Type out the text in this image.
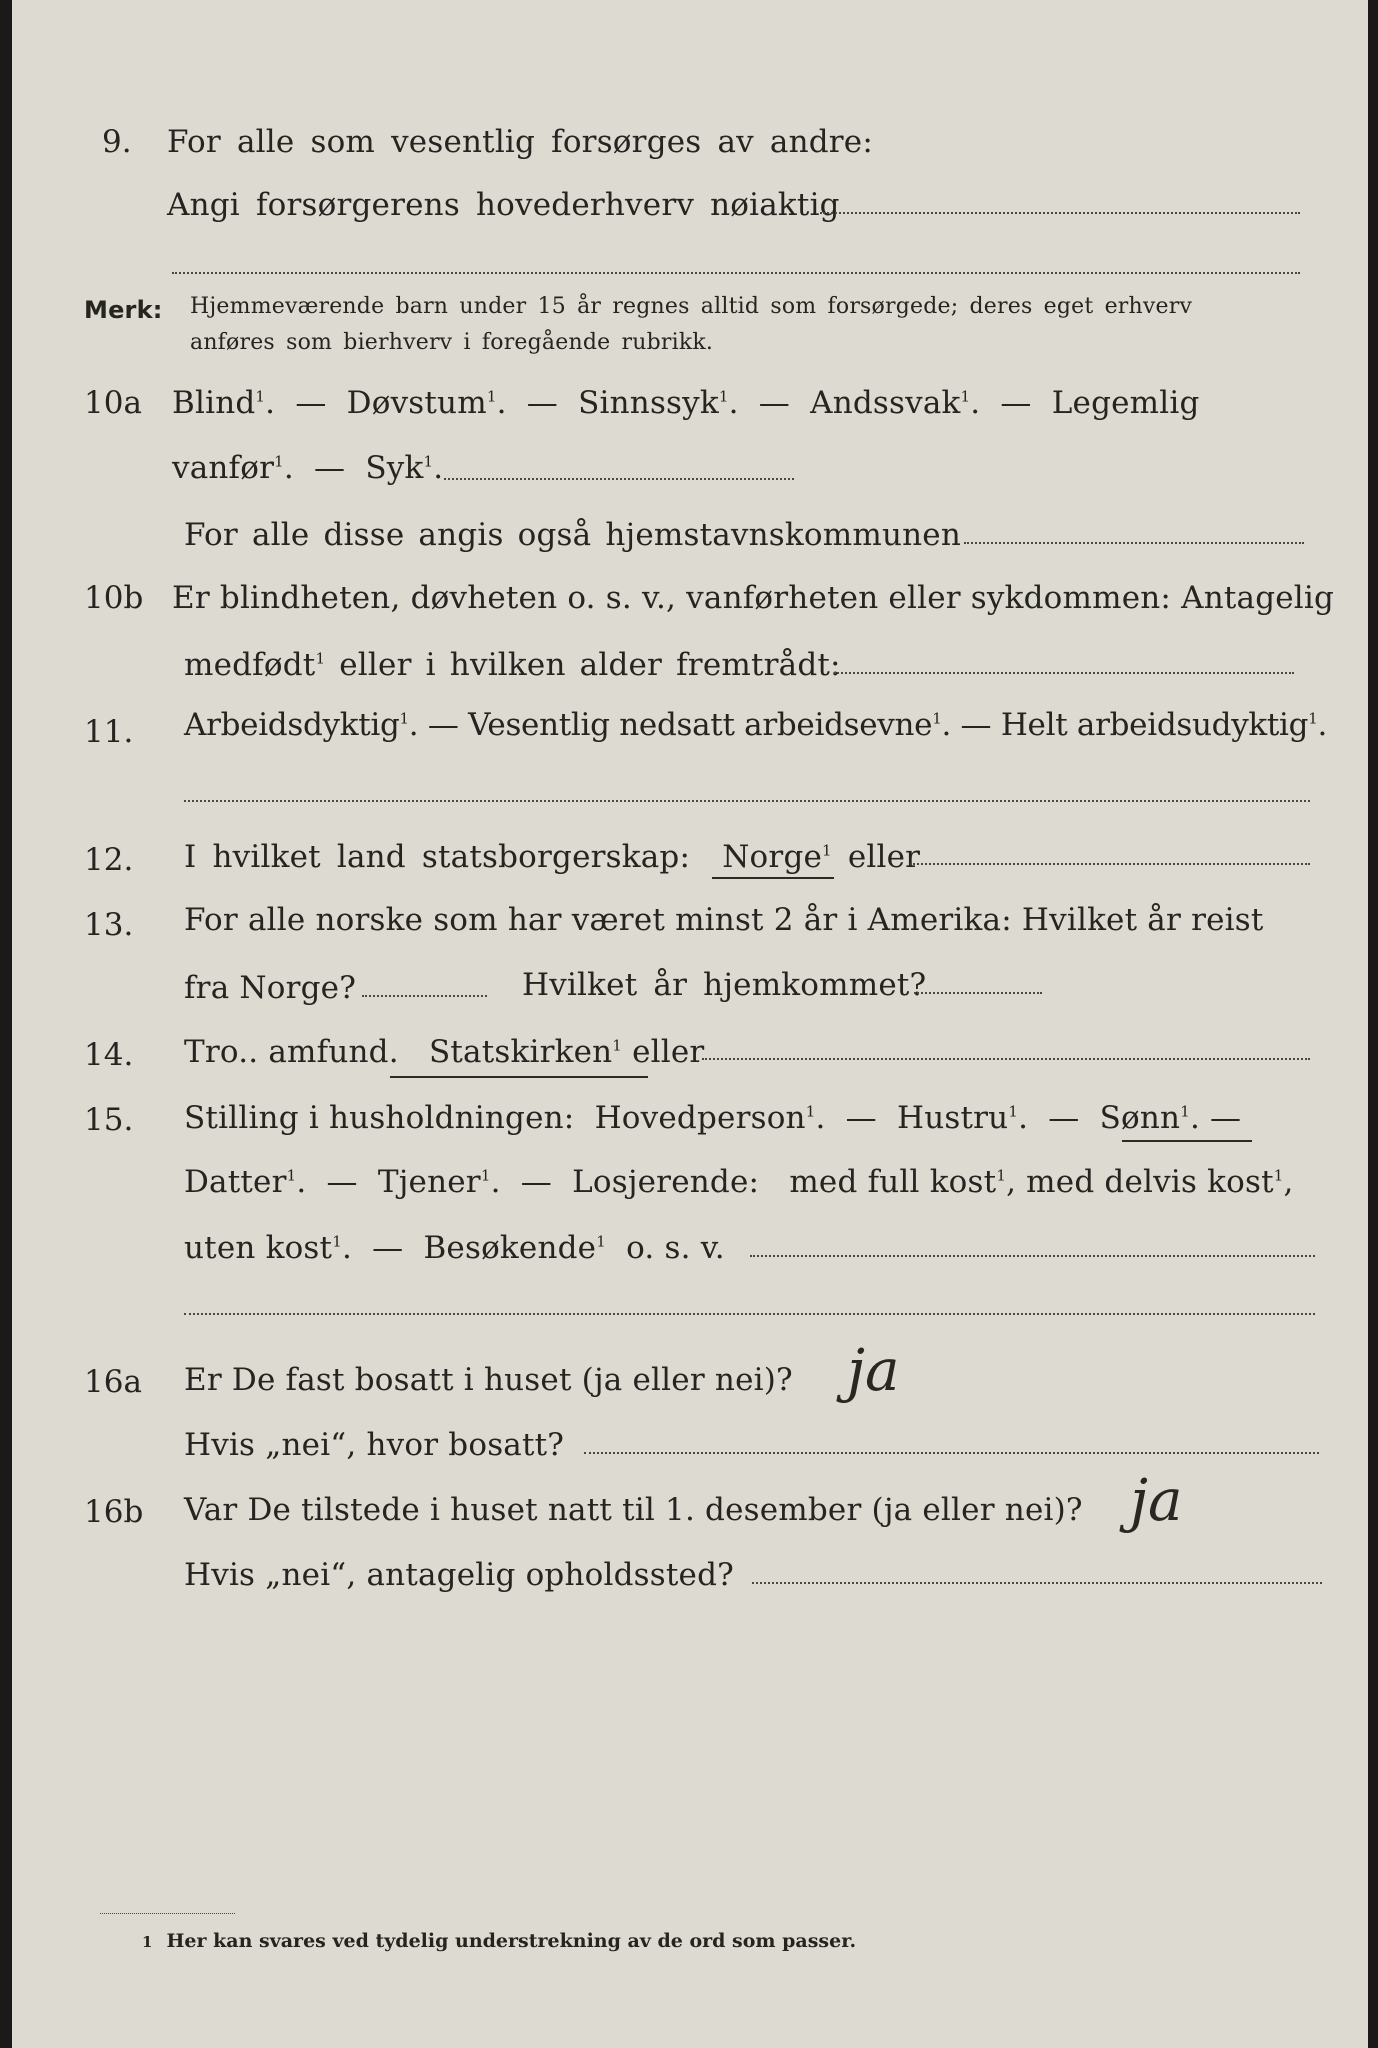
9. For alle som vesentlig forsørges av andre:
Angi forsørgerens hovederhverv nøiaktig
Merk: Hjemmeværende barn under 15 år regnes alltid som forsørgede; deres eget erhverv
anføres som bierhverv i foregående rubrikk.
10a Blind$^1$.  —  Døvstum$^1$.  —  Sinnssyk$^1$.  —  Andssvak$^1$.  —  Legemlig
vanfør$^1$.  —  Syk$^1$.
For alle disse angis også hjemstavnskommunen
10b Er blindheten, døvheten o. s. v., vanførheten eller sykdommen: Antagelig
medfødt$^1$ eller i hvilken alder fremtrådt:
11. Arbeidsdyktig$^1$. — Vesentlig nedsatt arbeidsevne$^1$. — Helt arbeidsudyktig$^1$.
12. I hvilket land statsborgerskap: Norge$^1$ eller
13. For alle norske som har været minst 2 år i Amerika: Hvilket år reist
fra Norge?	Hvilket år hjemkommet?
14. Tro.. amfund. Statskirken$^1$ eller
15. Stilling i husholdningen: Hovedperson$^1$.  —  Hustru$^1$.  —  Sønn$^1$. —
Datter$^1$.  —  Tjener$^1$.  —  Losjerende: med full kost$^1$, med delvis kost$^1$,
uten kost$^1$.  —  Besøkende$^1$ o. s. v.
16a Er De fast bosatt i huset (ja eller nei)? ja
Hvis „nei“, hvor bosatt?
16b Var De tilstede i huset natt til 1. desember (ja eller nei)? ja
Hvis „nei“, antagelig opholdssted?
1 Her kan svares ved tydelig understrekning av de ord som passer.
